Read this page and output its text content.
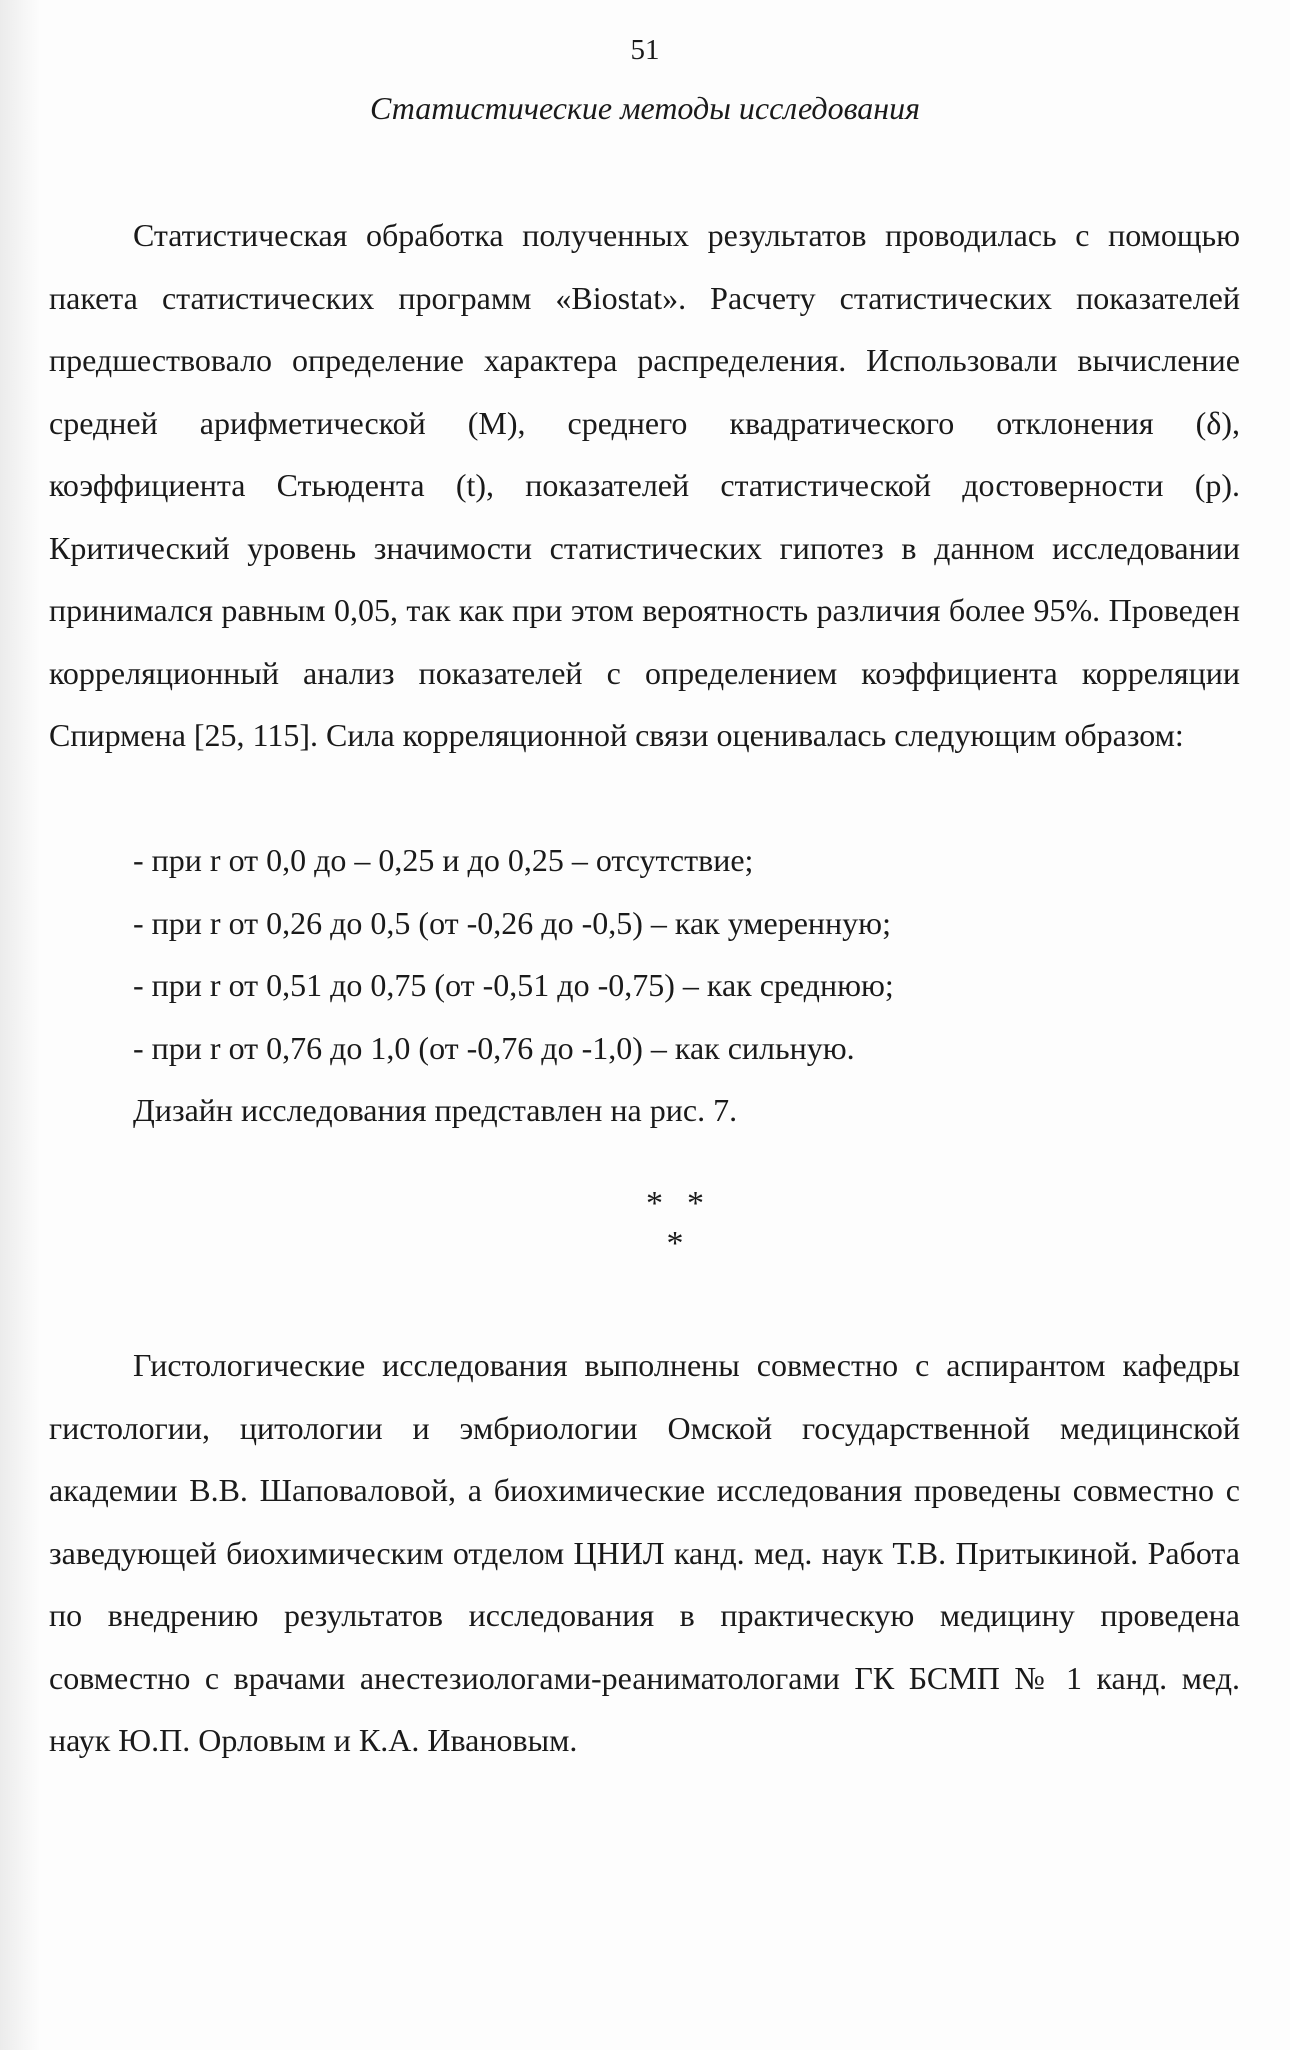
51
Статистические методы исследования

Статистическая обработка полученных результатов проводилась с помощью пакета статистических программ «Biostat». Расчету статистических показателей предшествовало определение характера распределения. Использовали вычисление средней арифметической (М), среднего квадратического отклонения (δ), коэффициента Стьюдента (t), показателей статистической достоверности (p). Критический уровень значимости статистических гипотез в данном исследовании принимался равным 0,05, так как при этом вероятность различия более 95%. Проведен корреляционный анализ показателей с определением коэффициента корреляции Спирмена [25, 115]. Сила корреляционной связи оценивалась следующим образом:

- при r от 0,0 до – 0,25 и до 0,25 – отсутствие;
- при r от 0,26 до 0,5 (от -0,26 до -0,5) – как умеренную;
- при r от 0,51 до 0,75 (от -0,51 до -0,75) – как среднюю;
- при r от 0,76 до 1,0 (от -0,76 до -1,0) – как сильную.
Дизайн исследования представлен на рис. 7.
**
*

Гистологические исследования выполнены совместно с аспирантом кафедры гистологии, цитологии и эмбриологии Омской государственной медицинской академии В.В. Шаповаловой, а биохимические исследования проведены совместно с заведующей биохимическим отделом ЦНИЛ канд. мед. наук Т.В. Притыкиной. Работа по внедрению результатов исследования в практическую медицину проведена совместно с врачами анестезиологами-реаниматологами ГК БСМП № 1 канд. мед. наук Ю.П. Орловым и К.А. Ивановым.
